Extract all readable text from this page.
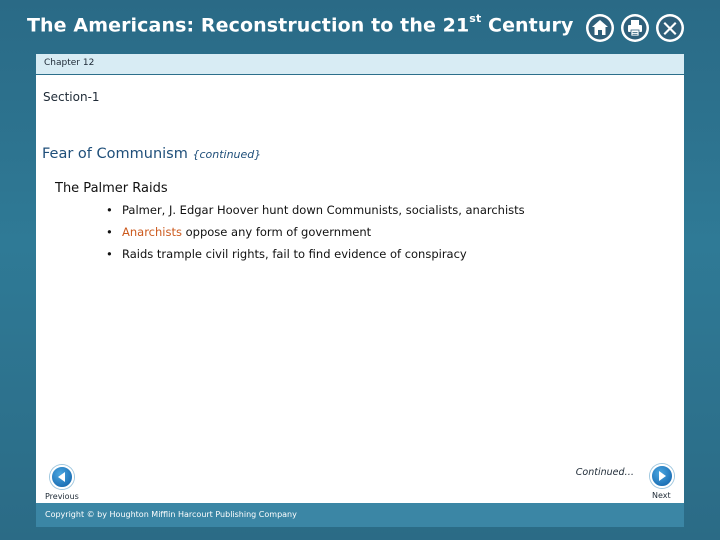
The Americans: Reconstruction to the 21st Century
Chapter 12
Section-1
Fear of Communism {continued}
The Palmer Raids
• Palmer, J. Edgar Hoover hunt down Communists, socialists, anarchists
• Anarchists oppose any form of government
• Raids trample civil rights, fail to find evidence of conspiracy
Continued…
Previous	Next
Copyright © by Houghton Mifflin Harcourt Publishing Company
